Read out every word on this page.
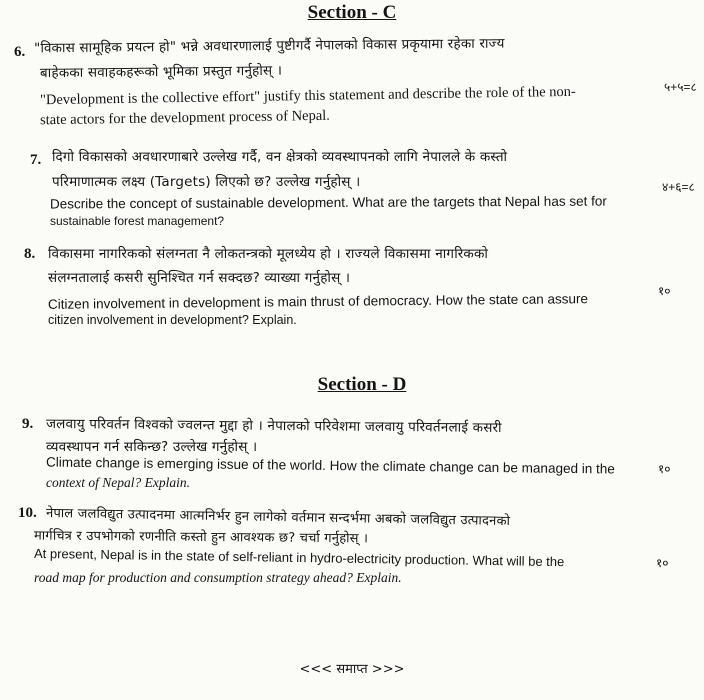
Section - C
6. "विकास सामूहिक प्रयत्न हो" भन्ने अवधारणालाई पुष्टीगर्दै नेपालको विकास प्रकृयामा रहेका राज्य
बाहेकका सवाहकहरूको भूमिका प्रस्तुत गर्नुहोस् ।
५+५=८
"Development is the collective effort" justify this statement and describe the role of the non-
state actors for the development process of Nepal.
7. दिगो विकासको अवधारणाबारे उल्लेख गर्दै, वन क्षेत्रको व्यवस्थापनको लागि नेपालले के कस्तो
परिमाणात्मक लक्ष्य (Targets) लिएको छ? उल्लेख गर्नुहोस् ।	४+६=८
Describe the concept of sustainable development. What are the targets that Nepal has set for
sustainable forest management?
8. विकासमा नागरिकको संलग्नता नै लोकतन्त्रको मूलध्येय हो । राज्यले विकासमा नागरिकको
संलग्नतालाई कसरी सुनिश्चित गर्न सक्दछ? व्याख्या गर्नुहोस् ।
१०
Citizen involvement in development is main thrust of democracy. How the state can assure
citizen involvement in development? Explain.
Section - D
9. जलवायु परिवर्तन विश्वको ज्वलन्त मुद्दा हो । नेपालको परिवेशमा जलवायु परिवर्तनलाई कसरी
व्यवस्थापन गर्न सकिन्छ? उल्लेख गर्नुहोस् ।
१०
Climate change is emerging issue of the world. How the climate change can be managed in the
context of Nepal? Explain.
10. नेपाल जलविद्युत उत्पादनमा आत्मनिर्भर हुन लागेको वर्तमान सन्दर्भमा अबको जलविद्युत उत्पादनको
मार्गचित्र र उपभोगको रणनीति कस्तो हुन आवश्यक छ? चर्चा गर्नुहोस् ।
१०
At present, Nepal is in the state of self-reliant in hydro-electricity production. What will be the
road map for production and consumption strategy ahead? Explain.
<<< समाप्त >>>
